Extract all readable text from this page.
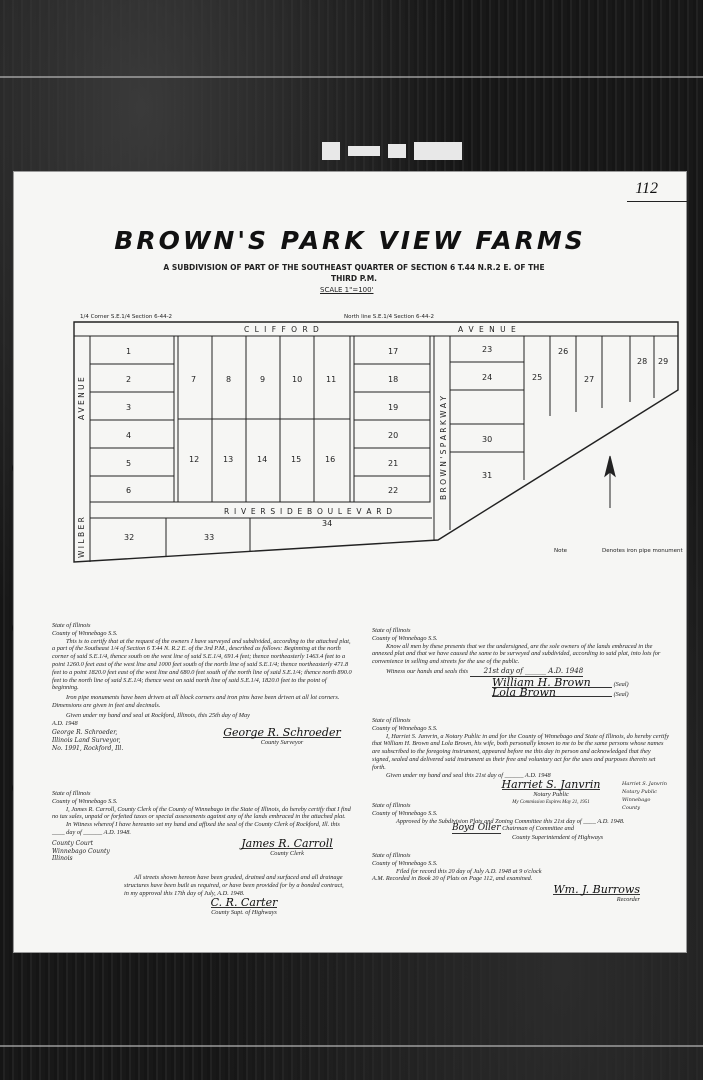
112
BROWN'S PARK VIEW FARMS
A SUBDIVISION OF PART OF THE SOUTHEAST QUARTER OF SECTION 6 T.44 N.R.2 E. OF THE
THIRD P.M.
SCALE 1"=100'
C L I F F O R D	A V E N U E
R I V E R S I D E B O U L E V A R D
W I L B E R
A V E N U E	B R O W N ' S P A R K W A Y
1/4 Corner S.E.1/4 Section 6-44-2	North line S.E.1/4 Section 6-44-2
Denotes iron pipe monument
Note
1
2
3
4
5
6
7	8	9	10	11
12	13	14	15	16
17
18
19
20
21
22
23
24	25
26
27
28 29
30
31
32	33
34
State of Illinois
County of Winnebago S.S.
This is to certify that at the request of the owners I have surveyed and subdivided, according to the attached plat, a part of the Southeast 1/4 of Section 6 T.44 N. R.2 E. of the 3rd P.M., described as follows: Beginning at the north corner of said S.E.1/4, thence south on the west line of said S.E.1/4, 691.4 feet; thence northeasterly 1463.4 feet to a point 1260.0 feet east of the west line and 1000 feet south of the north line of said S.E.1/4; thence northeasterly 471.8 feet to a point 1820.0 feet east of the west line and 680.0 feet south of the north line of said S.E.1/4; thence north 890.0 feet to the north line of said S.E.1/4; thence west on said north line of said S.E.1/4, 1820.0 feet to the point of beginning.
Iron pipe monuments have been driven at all block corners and iron pins have been driven at all lot corners. Dimensions are given in feet and decimals.
Given under my hand and seal at Rockford, Illinois, this 25th day of May
A.D. 1948
George R. Schroeder, Illinois Land Surveyor, No. 1991, Rockford, Ill.
George R. Schroeder
County Surveyor
State of Illinois
County of Winnebago S.S.
I, James R. Carroll, County Clerk of the County of Winnebago in the State of Illinois, do hereby certify that I find no tax sales, unpaid or forfeited taxes or special assessments against any of the lands embraced in the attached plat.
In Witness whereof I have hereunto set my hand and affixed the seal of the County Clerk of Rockford, Ill. this ____ day of ______ A.D. 1948.
County Court Winnebago County Illinois
James R. Carroll
County Clerk
All streets shown hereon have been graded, drained and surfaced and all drainage structures have been built as required, or have been provided for by a bonded contract,
in my approval this 17th day of July, A.D. 1948.
C. R. Carter
County Supt. of Highways
State of Illinois
County of Winnebago S.S.
Know all men by these presents that we the undersigned, are the sole owners of the lands embraced in the annexed plat and that we have caused the same to be surveyed and subdivided, according to said plat, into lots for convenience in selling and streets for the use of the public.
Witness our hands and seals this 21st day of ______ A.D. 1948
William H. Brown	(Seal)
Lola Brown	(Seal)
State of Illinois
County of Winnebago S.S.
I, Harriet S. Janvrin, a Notary Public in and for the County of Winnebago and State of Illinois, do hereby certify that William H. Brown and Lola Brown, his wife, both personally known to me to be the same persons whose names are subscribed to the foregoing instrument, appeared before me this day in person and acknowledged that they signed, sealed and delivered said instrument as their free and voluntary act for the uses and purposes therein set forth.
Given under my hand and seal this 21st day of ______ A.D. 1948
Harriet S. Janvrin
Notary Public
My Commission Expires May 21, 1951
Harriet S. Janvrin Notary Public Winnebago County
State of Illinois
County of Winnebago S.S.
Approved by the Subdivision Plats and Zoning Committee this 21st day of ____ A.D. 1948.
Boyd Oller Chairman of Committee and
County Superintendent of Highways
State of Illinois
County of Winnebago S.S.
Filed for record this 20 day of July A.D. 1948 at 9 o'clock
A.M. Recorded in Book 20 of Plats on Page 112, and examined.
Wm. J. Burrows
Recorder
